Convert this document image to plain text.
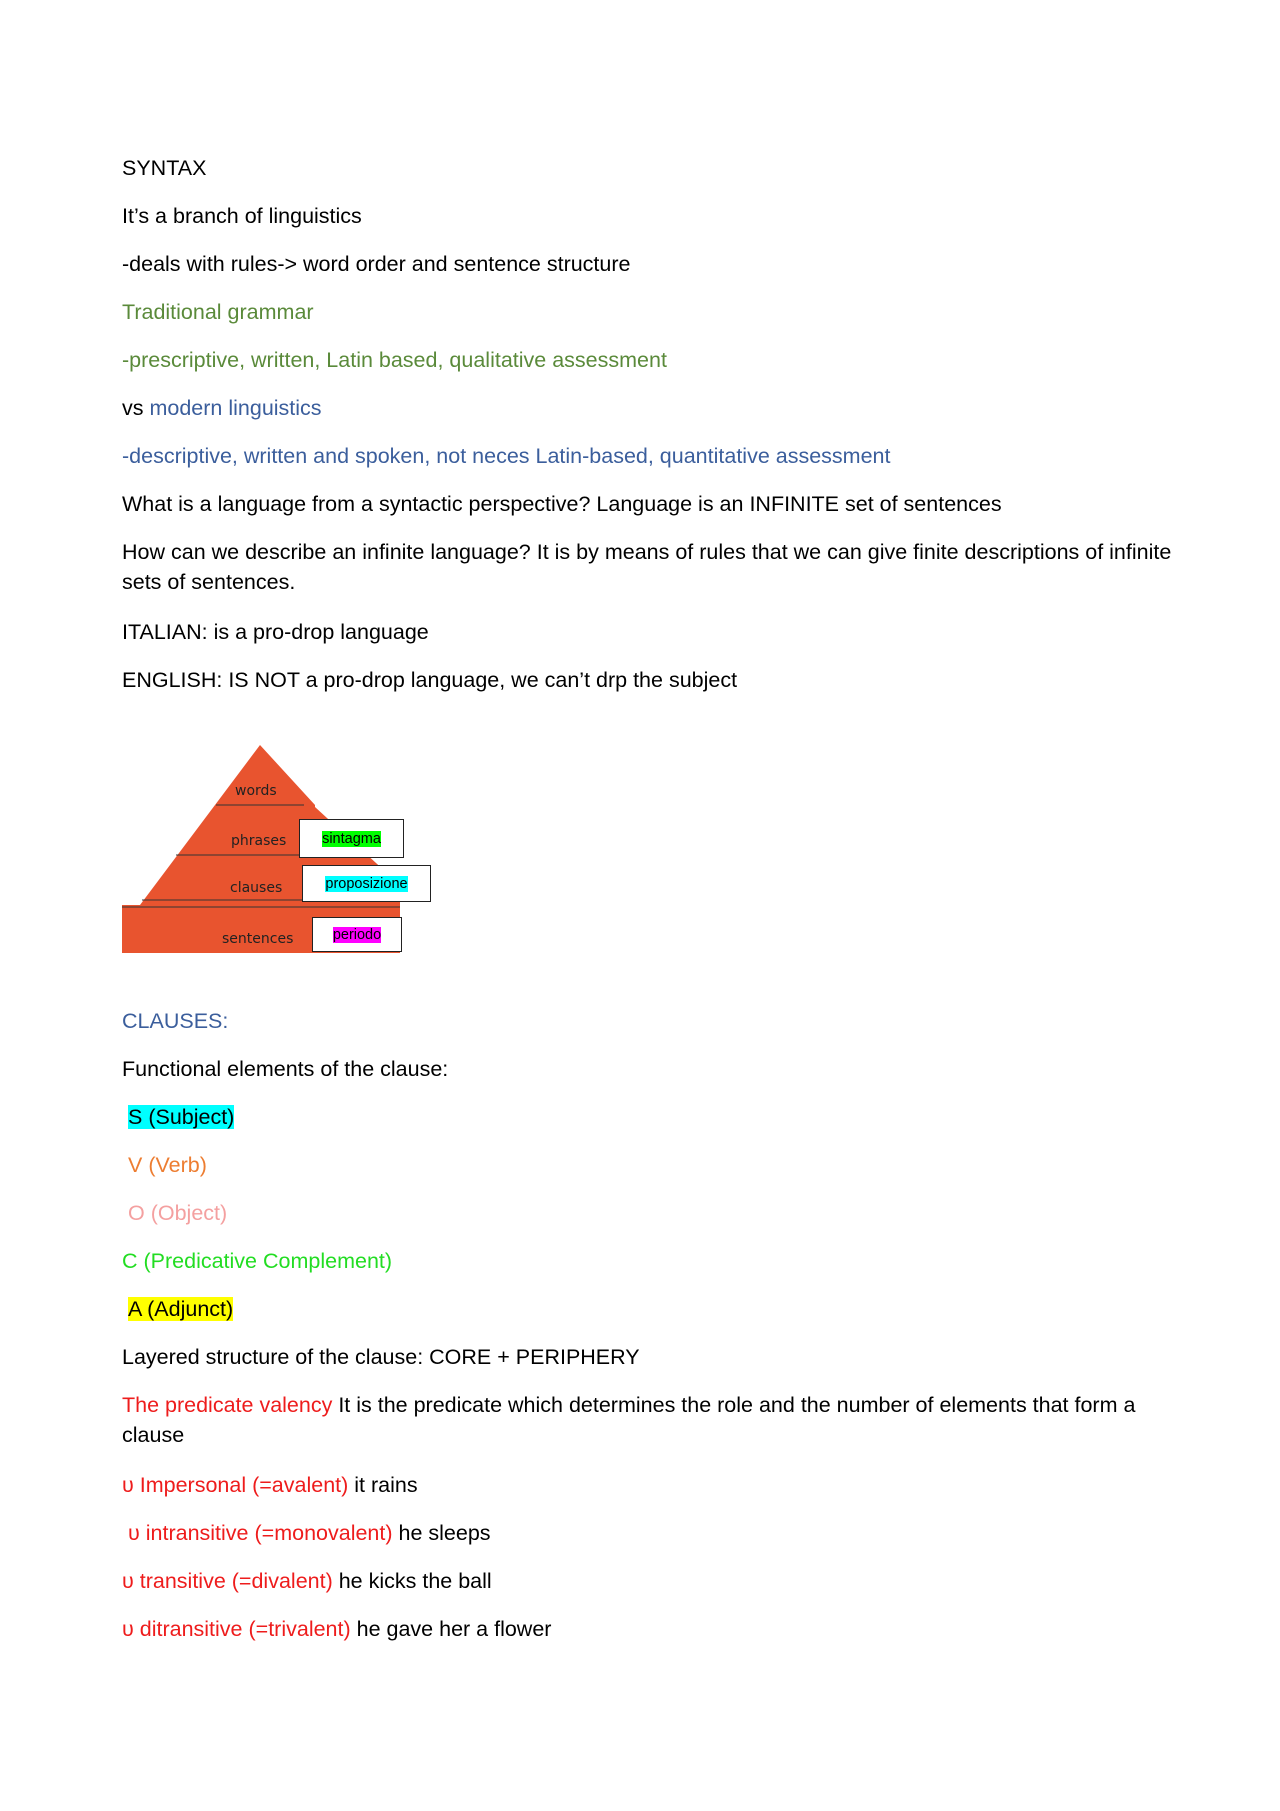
SYNTAX
It’s a branch of linguistics
-deals with rules-> word order and sentence structure
Traditional grammar
-prescriptive, written, Latin based, qualitative assessment
vs modern linguistics
-descriptive, written and spoken, not neces Latin-based, quantitative assessment
What is a language from a syntactic perspective? Language is an INFINITE set of sentences
How can we describe an infinite language? It is by means of rules that we can give finite descriptions of infinite sets of sentences.
ITALIAN: is a pro-drop language
ENGLISH: IS NOT a pro-drop language, we can’t drp the subject
words
phrases
clauses
sentences
sintagma
proposizione
periodo
CLAUSES:
Functional elements of the clause:
S (Subject)
V (Verb)
O (Object)
C (Predicative Complement)
A (Adjunct)
Layered structure of the clause: CORE + PERIPHERY
The predicate valency It is the predicate which determines the role and the number of elements that form a clause
υ Impersonal (=avalent) it rains
υ intransitive (=monovalent) he sleeps
υ transitive (=divalent) he kicks the ball
υ ditransitive (=trivalent) he gave her a flower
